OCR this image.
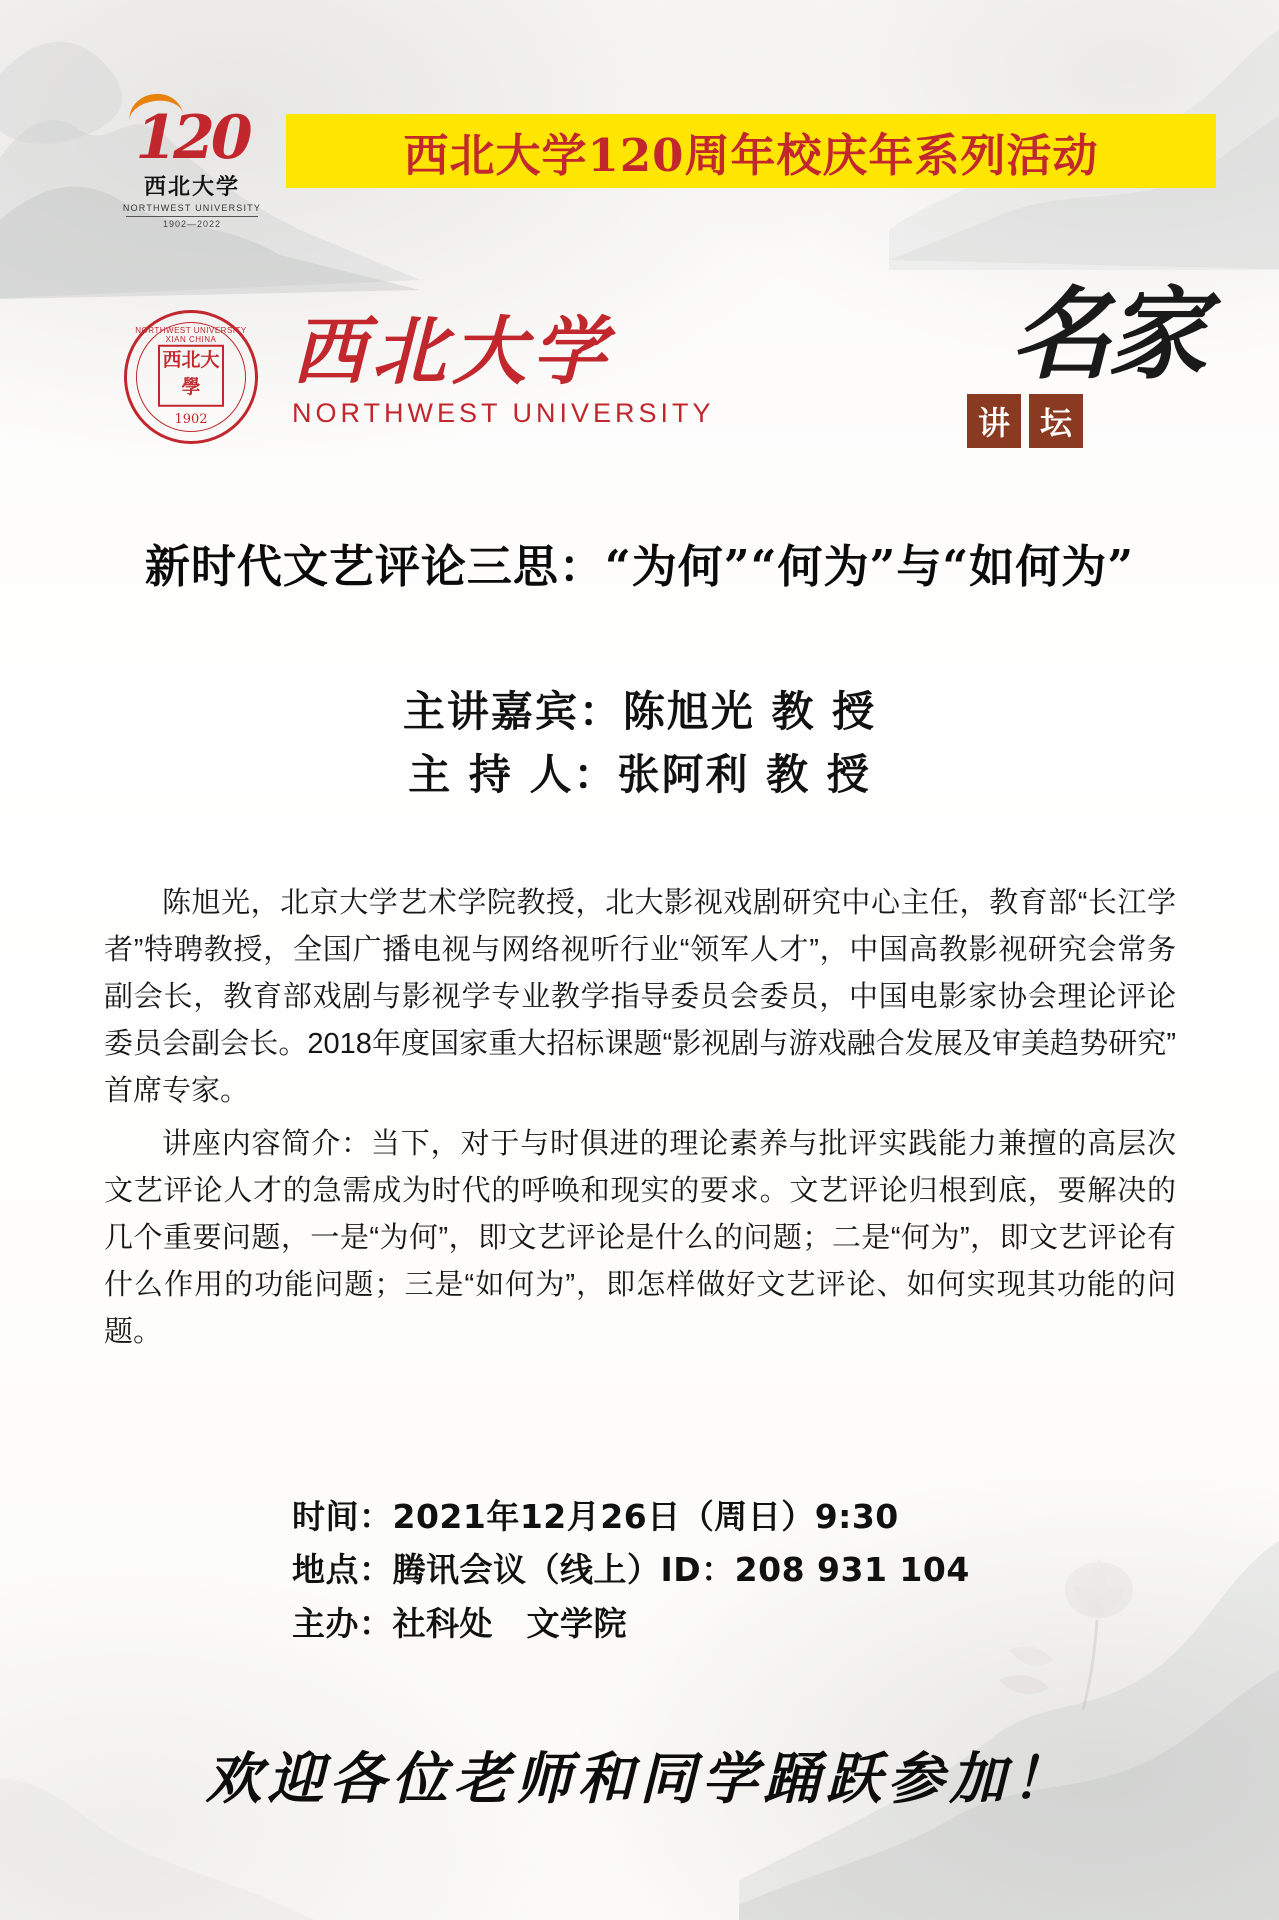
120
西北大学
NORTHWEST UNIVERSITY
1902—2022
西北大学120周年校庆年系列活动
NORTHWEST UNIVERSITY XIAN CHINA
西北大學
1902
西北大学
NORTHWEST UNIVERSITY
名家
讲 坛
新时代文艺评论三思：“为何”“何为”与“如何为”
主讲嘉宾：陈旭光 教 授
主 持 人：张阿利 教 授

陈旭光，北京大学艺术学院教授，北大影视戏剧研究中心主任，教育部“长江学者”特聘教授，全国广播电视与网络视听行业“领军人才”，中国高教影视研究会常务副会长，教育部戏剧与影视学专业教学指导委员会委员，中国电影家协会理论评论委员会副会长。2018年度国家重大招标课题“影视剧与游戏融合发展及审美趋势研究”首席专家。

讲座内容简介：当下，对于与时俱进的理论素养与批评实践能力兼擅的高层次文艺评论人才的急需成为时代的呼唤和现实的要求。文艺评论归根到底，要解决的几个重要问题，一是“为何”，即文艺评论是什么的问题；二是“何为”，即文艺评论有什么作用的功能问题；三是“如何为”，即怎样做好文艺评论、如何实现其功能的问题。

时间：2021年12月26日（周日）9:30
地点：腾讯会议（线上）ID：208 931 104
主办：社科处　文学院
欢迎各位老师和同学踊跃参加！
